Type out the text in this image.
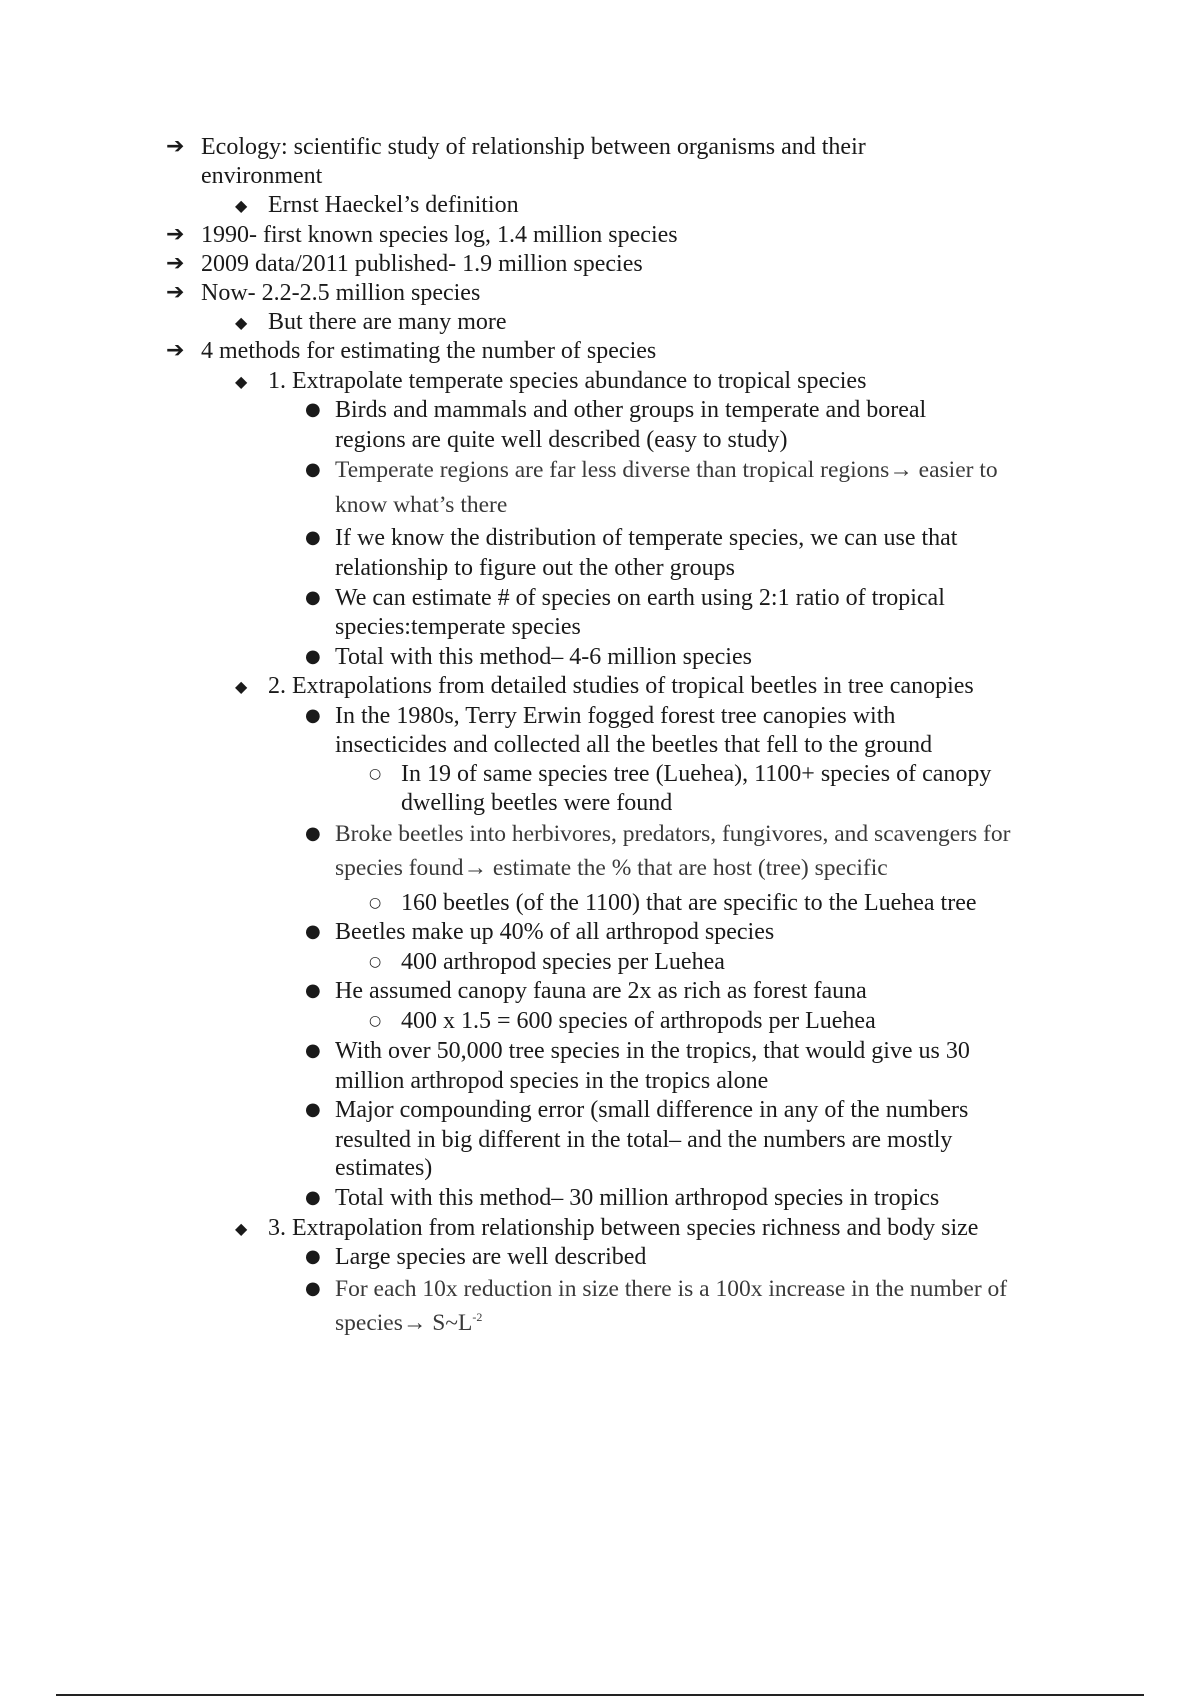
➔ Ecology: scientific study of relationship between organisms and their

environment

◆ Ernst Haeckel’s definition

➔ 1990- first known species log, 1.4 million species

➔ 2009 data/2011 published- 1.9 million species

➔ Now- 2.2-2.5 million species

◆ But there are many more

➔ 4 methods for estimating the number of species

◆ 1. Extrapolate temperate species abundance to tropical species

● Birds and mammals and other groups in temperate and boreal

regions are quite well described (easy to study)

● Temperate regions are far less diverse than tropical regions→ easier to

know what’s there

● If we know the distribution of temperate species, we can use that

relationship to figure out the other groups

● We can estimate # of species on earth using 2:1 ratio of tropical

species:temperate species

● Total with this method– 4-6 million species

◆ 2. Extrapolations from detailed studies of tropical beetles in tree canopies

● In the 1980s, Terry Erwin fogged forest tree canopies with

insecticides and collected all the beetles that fell to the ground

○ In 19 of same species tree (Luehea), 1100+ species of canopy

dwelling beetles were found

● Broke beetles into herbivores, predators, fungivores, and scavengers for

species found→ estimate the % that are host (tree) specific

○ 160 beetles (of the 1100) that are specific to the Luehea tree

● Beetles make up 40% of all arthropod species

○ 400 arthropod species per Luehea

● He assumed canopy fauna are 2x as rich as forest fauna

○ 400 x 1.5 = 600 species of arthropods per Luehea

● With over 50,000 tree species in the tropics, that would give us 30

million arthropod species in the tropics alone

● Major compounding error (small difference in any of the numbers

resulted in big different in the total– and the numbers are mostly

estimates)

● Total with this method– 30 million arthropod species in tropics

◆ 3. Extrapolation from relationship between species richness and body size

● Large species are well described

● For each 10x reduction in size there is a 100x increase in the number of

species→ $S\sim L^{-2}$
